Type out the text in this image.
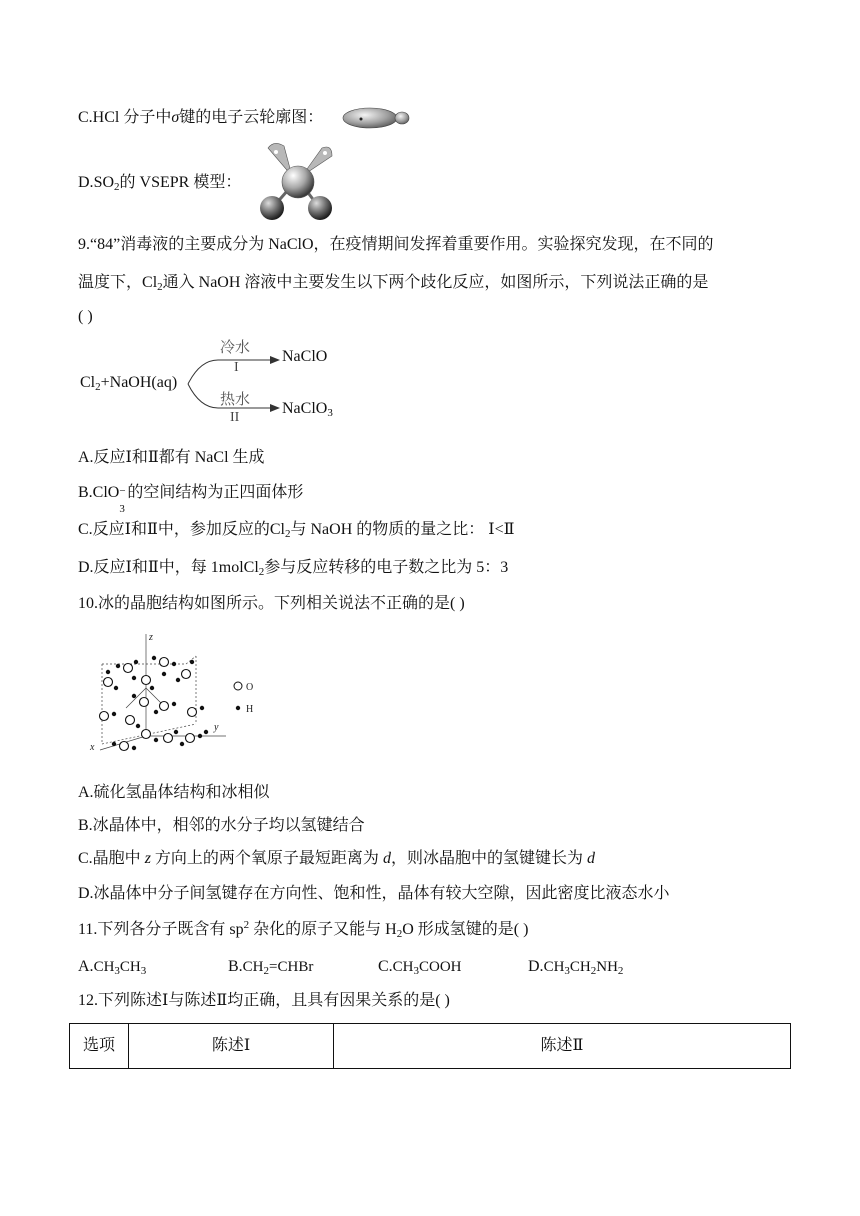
C.HCl 分子中σ键的电子云轮廓图：
$D.SO_2$的 VSEPR 模型：
9.“84”消毒液的主要成分为 NaClO，在疫情期间发挥着重要作用。实验探究发现，在不同的
温度下，$Cl_2$通入 NaOH 溶液中主要发生以下两个歧化反应，如图所示，下列说法正确的是
( )
$Cl_2+NaOH(aq)$
冷水
I
NaClO
热水
II
NaClO$_3$
A.反应Ⅰ和Ⅱ都有 NaCl 生成
B.ClO −
3
的空间结构为正四面体形
C.反应Ⅰ和Ⅱ中，参加反应的$Cl_2$与 NaOH 的物质的量之比： Ⅰ<Ⅱ
D.反应Ⅰ和Ⅱ中，每 1molCl$_2$参与反应转移的电子数之比为 5：3
10.冰的晶胞结构如图所示。下列相关说法不正确的是( )
z
y
x
O
H
A.硫化氢晶体结构和冰相似
B.冰晶体中，相邻的水分子均以氢键结合
C.晶胞中 z 方向上的两个氧原子最短距离为 d，则冰晶胞中的氢键键长为 d
D.冰晶体中分子间氢键存在方向性、饱和性，晶体有较大空隙，因此密度比液态水小
11.下列各分子既含有 $sp^2$ 杂化的原子又能与 $H_2O$ 形成氢键的是( )
$A.CH_3CH_3$	$B.CH_2=CHBr$	$C.CH_3COOH$	$D.CH_3CH_2NH_2$
12.下列陈述Ⅰ与陈述Ⅱ均正确，且具有因果关系的是( )
选项	陈述Ⅰ	陈述Ⅱ
